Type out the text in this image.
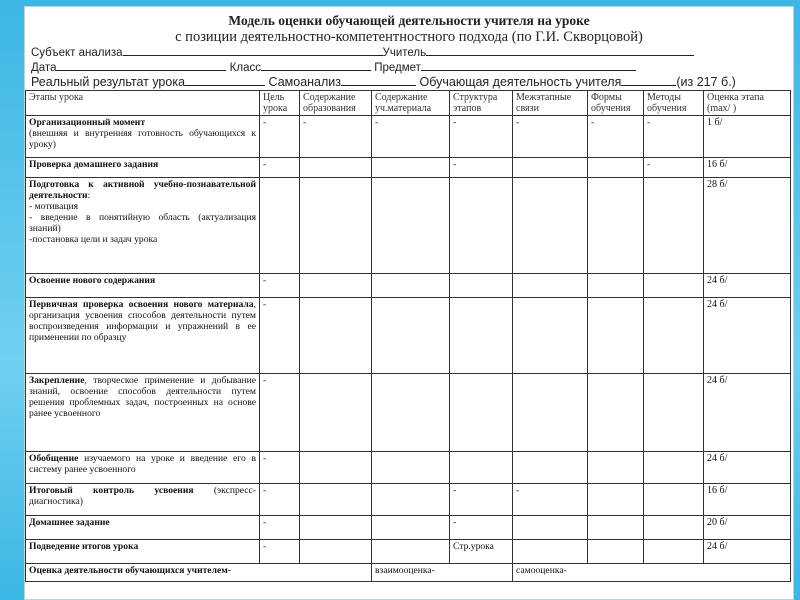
Модель оценки обучающей деятельности учителя на уроке
с позиции деятельностно-компетентностного подхода (по Г.И. Скворцовой)
Субъект анализа	Учитель
Дата	Класс	Предмет
Реальный результат урока	Самоанализ	Обучающая деятельность учителя	(из 217 б.)
Этапы урока	Цель урока	Содержание образования	Содержание уч.материала	Структура этапов	Межэтапные связи	Формы обучения	Методы обучения	Оценка этапа (max/ )
Организационный момент
(внешняя и внутренняя готовность обучающихся к уроку)	-	-	-	-	-	-	-	1 б/
Проверка домашнего задания	-			-			-	16 б/
Подготовка к активной учебно-познавательной деятельности:
- мотивация
- введение в понятийную область (актуализация знаний)
-постановка цели и задач урока								28 б/
Освоение нового содержания	-							24 б/
Первичная проверка освоения нового материала, организация усвоения способов деятельности путем воспроизведения информации и упражнений в ее применении по образцу	-							24 б/
Закрепление, творческое применение и добывание знаний, освоение способов деятельности путем решения проблемных задач, построенных на основе ранее усвоенного	-							24 б/
Обобщение изучаемого на уроке и введение его в систему ранее усвоенного	-							24 б/
Итоговый контроль усвоения (экспресс-диагностика)	-			-	-			16 б/
Домашнее задание	-			-				20 б/
Подведение итогов урока	-			Стр.урока				24 б/
Оценка деятельности обучающихся учителем-			взаимооценка-		самооценка-			
